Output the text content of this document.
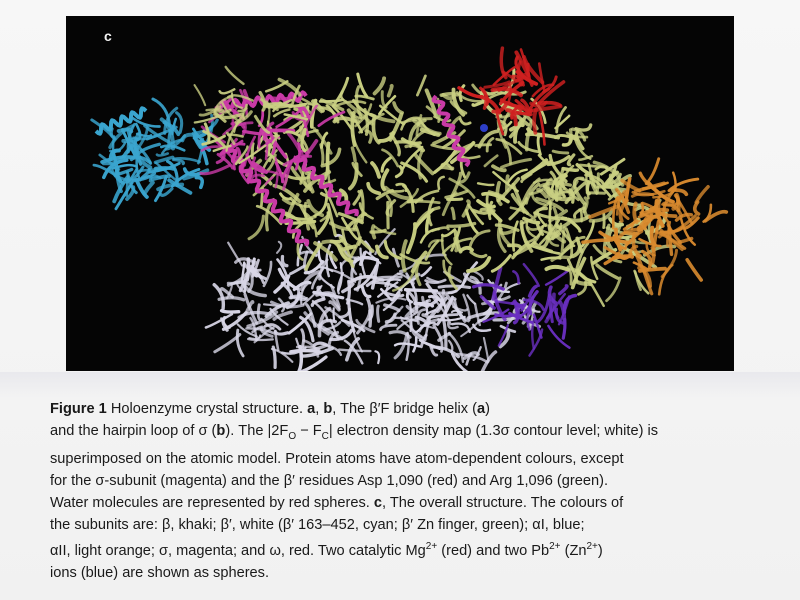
c
Figure 1 Holoenzyme crystal structure. a, b, The β′F bridge helix (a)
and the hairpin loop of σ (b). The $|2F_O - F_C|$ electron density map (1.3σ contour level; white) is
superimposed on the atomic model. Protein atoms have atom-dependent colours, except
for the σ-subunit (magenta) and the β′ residues Asp 1,090 (red) and Arg 1,096 (green).
Water molecules are represented by red spheres. c, The overall structure. The colours of
the subunits are: β, khaki; β′, white (β′ 163–452, cyan; β′ Zn finger, green); αI, blue;
αII, light orange; σ, magenta; and ω, red. Two catalytic $Mg^{2+}$ (red) and two $Pb^{2+}$ $(Zn^{2+})$
ions (blue) are shown as spheres.
